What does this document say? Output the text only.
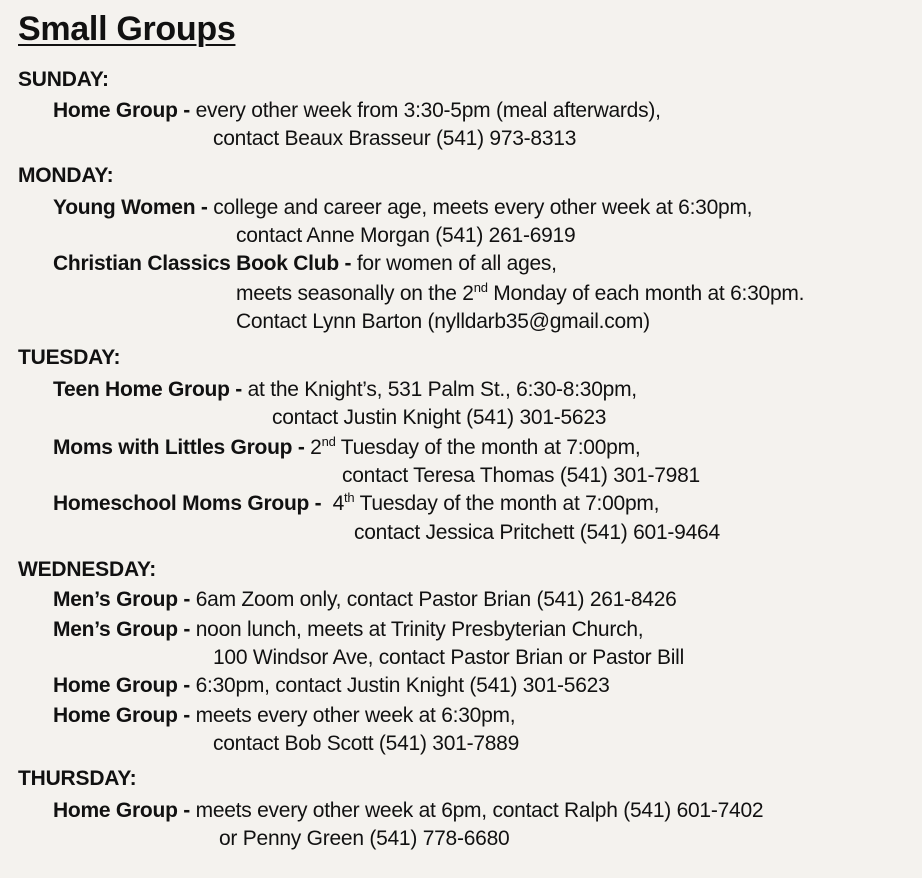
Small Groups
SUNDAY:
Home Group - every other week from 3:30-5pm (meal afterwards),
contact Beaux Brasseur (541) 973-8313
MONDAY:
Young Women - college and career age, meets every other week at 6:30pm,
contact Anne Morgan (541) 261-6919
Christian Classics Book Club - for women of all ages,
meets seasonally on the 2nd Monday of each month at 6:30pm.
Contact Lynn Barton (nylldarb35@gmail.com)
TUESDAY:
Teen Home Group - at the Knight’s, 531 Palm St., 6:30-8:30pm,
contact Justin Knight (541) 301-5623
Moms with Littles Group - 2nd Tuesday of the month at 7:00pm,
contact Teresa Thomas (541) 301-7981
Homeschool Moms Group -  4th Tuesday of the month at 7:00pm,
contact Jessica Pritchett (541) 601-9464
WEDNESDAY:
Men’s Group - 6am Zoom only, contact Pastor Brian (541) 261-8426
Men’s Group - noon lunch, meets at Trinity Presbyterian Church,
100 Windsor Ave, contact Pastor Brian or Pastor Bill
Home Group - 6:30pm, contact Justin Knight (541) 301-5623
Home Group - meets every other week at 6:30pm,
contact Bob Scott (541) 301-7889
THURSDAY:
Home Group - meets every other week at 6pm, contact Ralph (541) 601-7402
or Penny Green (541) 778-6680
